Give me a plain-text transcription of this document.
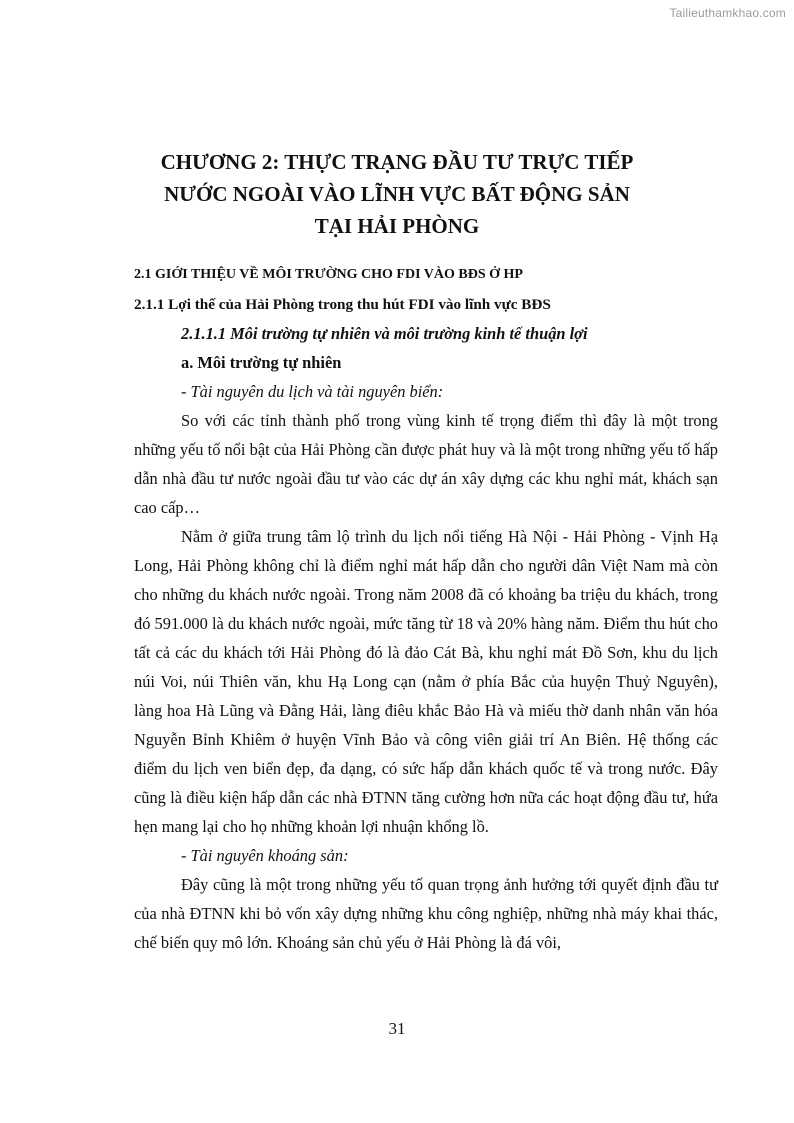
Tailieuthamkhao.com
CHƯƠNG 2: THỰC TRẠNG ĐẦU TƯ TRỰC TIẾP
NƯỚC NGOÀI VÀO LĨNH VỰC BẤT ĐỘNG SẢN
TẠI HẢI PHÒNG

2.1 GIỚI THIỆU VỀ MÔI TRƯỜNG CHO FDI VÀO BĐS Ở HP

2.1.1 Lợi thế của Hải Phòng trong thu hút FDI vào lĩnh vực BĐS

2.1.1.1 Môi trường tự nhiên và môi trường kinh tế thuận lợi

a. Môi trường tự nhiên

- Tài nguyên du lịch và tài nguyên biển:

So với các tỉnh thành phố trong vùng kinh tế trọng điểm thì đây là một trong những yếu tố nổi bật của Hải Phòng cần được phát huy và là một trong những yếu tố hấp dẫn nhà đầu tư nước ngoài đầu tư vào các dự án xây dựng các khu nghỉ mát, khách sạn cao cấp…

Nằm ở giữa trung tâm lộ trình du lịch nổi tiếng Hà Nội - Hải Phòng - Vịnh Hạ Long, Hải Phòng không chỉ là điểm nghỉ mát hấp dẫn cho người dân Việt Nam mà còn cho những du khách nước ngoài. Trong năm 2008 đã có khoảng ba triệu du khách, trong đó 591.000 là du khách nước ngoài, mức tăng từ 18 và 20% hàng năm. Điểm thu hút cho tất cả các du khách tới Hải Phòng đó là đảo Cát Bà, khu nghỉ mát Đồ Sơn, khu du lịch núi Voi, núi Thiên văn, khu Hạ Long cạn (nằm ở phía Bắc của huyện Thuỷ Nguyên), làng hoa Hà Lũng và Đằng Hải, làng điêu khắc Bảo Hà và miếu thờ danh nhân văn hóa Nguyễn Bỉnh Khiêm ở huyện Vĩnh Bảo và công viên giải trí An Biên. Hệ thống các điểm du lịch ven biển đẹp, đa dạng, có sức hấp dẫn khách quốc tế và trong nước. Đây cũng là điều kiện hấp dẫn các nhà ĐTNN tăng cường hơn nữa các hoạt động đầu tư, hứa hẹn mang lại cho họ những khoản lợi nhuận khổng lồ.

- Tài nguyên khoáng sản:

Đây cũng là một trong những yếu tố quan trọng ảnh hưởng tới quyết định đầu tư của nhà ĐTNN khi bỏ vốn xây dựng những khu công nghiệp, những nhà máy khai thác, chế biến quy mô lớn. Khoáng sản chủ yếu ở Hải Phòng là đá vôi,

31
